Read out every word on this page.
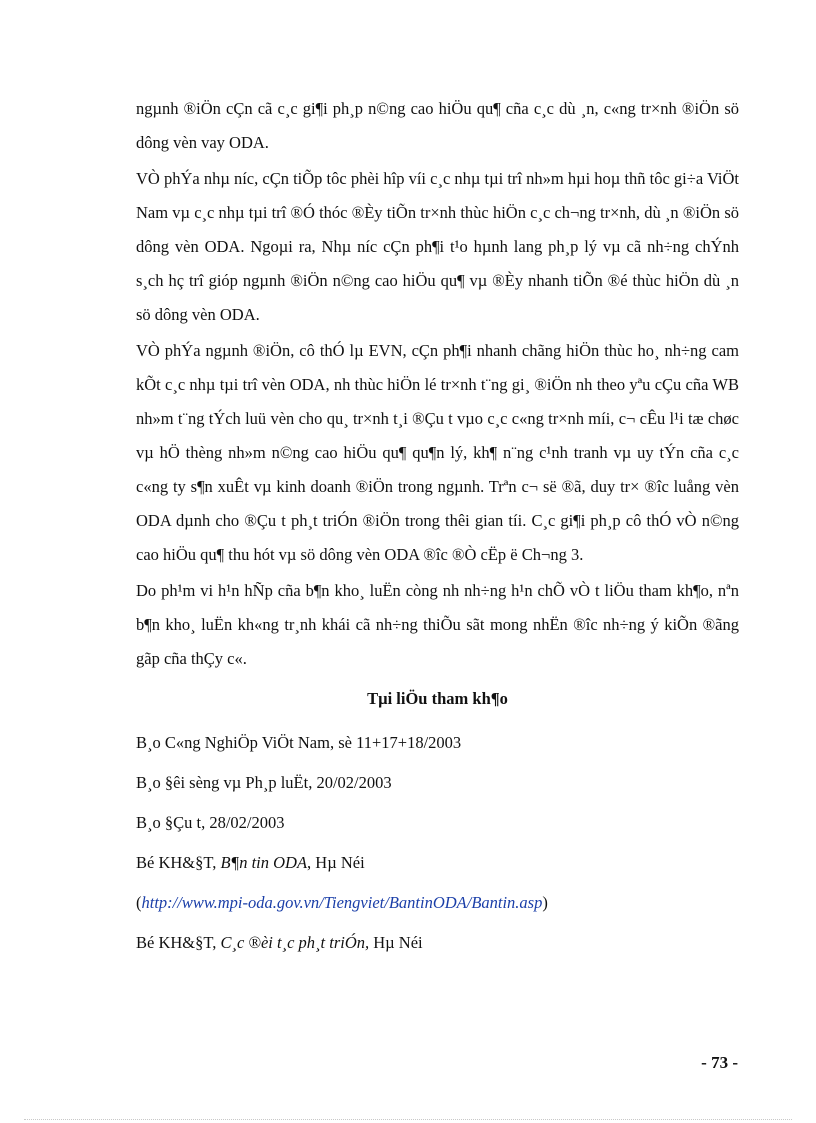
ngµnh ®iÖn cÇn cã c¸c gi¶i ph¸p n©ng cao hiÖu qu¶ cña c¸c dù ¸n, c«ng tr×nh ®iÖn sö dông vèn vay ODA.

VÒ phÝa nhµ níc, cÇn tiÕp tôc phèi hîp víi c¸c nhµ tµi trî nh»m hµi hoµ thñ tôc gi÷a ViÖt Nam vµ c¸c nhµ tµi trî ®Ó thóc ®Èy tiÕn tr×nh thùc hiÖn c¸c ch¬ng tr×nh, dù ¸n ®iÖn sö dông vèn ODA. Ngoµi ra, Nhµ níc cÇn ph¶i t¹o hµnh lang ph¸p lý vµ cã nh÷ng chÝnh s¸ch hç trî gióp ngµnh ®iÖn n©ng cao hiÖu qu¶ vµ ®Èy nhanh tiÕn ®é thùc hiÖn dù ¸n sö dông vèn ODA.

VÒ phÝa ngµnh ®iÖn, cô thÓ lµ EVN, cÇn ph¶i nhanh chãng hiÖn thùc ho¸ nh÷ng cam kÕt c¸c nhµ tµi trî vèn ODA, nh thùc hiÖn lé tr×nh t¨ng gi¸ ®iÖn nh theo yªu cÇu cña WB nh»m t¨ng tÝch luü vèn cho qu¸ tr×nh t¸i ®Çu t vµo c¸c c«ng tr×nh míi, c¬ cÊu l¹i tæ chøc vµ hÖ thèng nh»m n©ng cao hiÖu qu¶ qu¶n lý, kh¶ n¨ng c¹nh tranh vµ uy tÝn cña c¸c c«ng ty s¶n xuÊt vµ kinh doanh ®iÖn trong ngµnh. Trªn c¬ së ®ã, duy tr× ®îc luång vèn ODA dµnh cho ®Çu t ph¸t triÓn ®iÖn trong thêi gian tíi. C¸c gi¶i ph¸p cô thÓ vÒ n©ng cao hiÖu qu¶ thu hót vµ sö dông vèn ODA ®îc ®Ò cËp ë Ch¬ng 3.

Do ph¹m vi h¹n hÑp cña b¶n kho¸ luËn còng nh nh÷ng h¹n chÕ vÒ t liÖu tham kh¶o, nªn b¶n kho¸ luËn kh«ng tr¸nh khái cã nh÷ng thiÕu sãt mong nhËn ®îc nh÷ng ý kiÕn ®ãng gãp cña thÇy c«.

Tµi liÖu tham kh¶o

B¸o C«ng NghiÖp ViÖt Nam, sè 11+17+18/2003

B¸o §êi sèng vµ Ph¸p luËt, 20/02/2003

B¸o §Çu t, 28/02/2003

Bé KH&§T, B¶n tin ODA, Hµ Néi

(http://www.mpi-oda.gov.vn/Tiengviet/BantinODA/Bantin.asp)

Bé KH&§T, C¸c ®èi t¸c ph¸t triÓn, Hµ Néi

- 73 -
